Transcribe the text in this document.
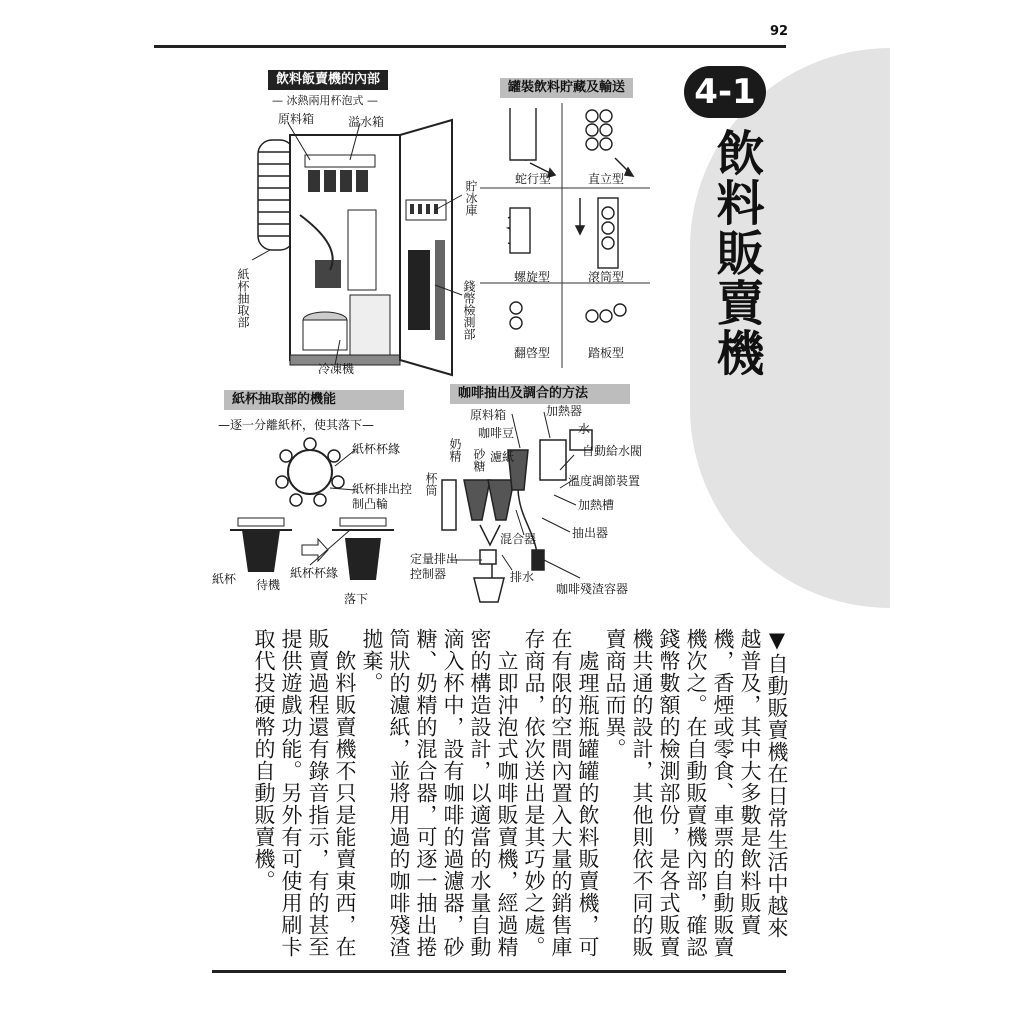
92
4-1
飲料販賣機
飲料飯賣機的內部
— 冰熱兩用杯泡式 —
原料箱	溢水箱
貯冰庫
錢幣檢測部
紙杯抽取部
冷凍機
罐裝飲料貯藏及輸送
蛇行型	直立型
螺旋型	滾筒型
翻啓型	踏板型
紙杯抽取部的機能
—逐一分離紙杯，使其落下—
紙杯杯緣
紙杯排出控制凸輪
紙杯 待機
紙杯杯緣
落下
咖啡抽出及調合的方法
原料箱	加熱器
咖啡豆	水
奶精 砂糖 濾紙	自動給水閥
溫度調節裝置
杯筒
加熱槽
混合器	抽出器
定量排出控制器	排水
咖啡殘渣容器

▼自動販賣機在日常生活中越來越普及，其中大多數是飲料販賣機，香煙或零食、車票的自動販賣機次之。在自動販賣機內部，確認錢幣數額的檢測部份，是各式販賣機共通的設計，其他則依不同的販賣商品而異。

　處理瓶瓶罐罐的飲料販賣機，可在有限的空間內置入大量的銷售庫存商品，依次送出是其巧妙之處。

　立即沖泡式咖啡販賣機，經過精密的構造設計，以適當的水量自動滴入杯中，設有咖啡的過濾器，砂糖、奶精的混合器，可逐一抽出捲筒狀的濾紙，並將用過的咖啡殘渣拋棄。

　飲料販賣機不只是能賣東西，在販賣過程還有錄音指示，有的甚至提供遊戲功能。另外有可使用刷卡取代投硬幣的自動販賣機。
